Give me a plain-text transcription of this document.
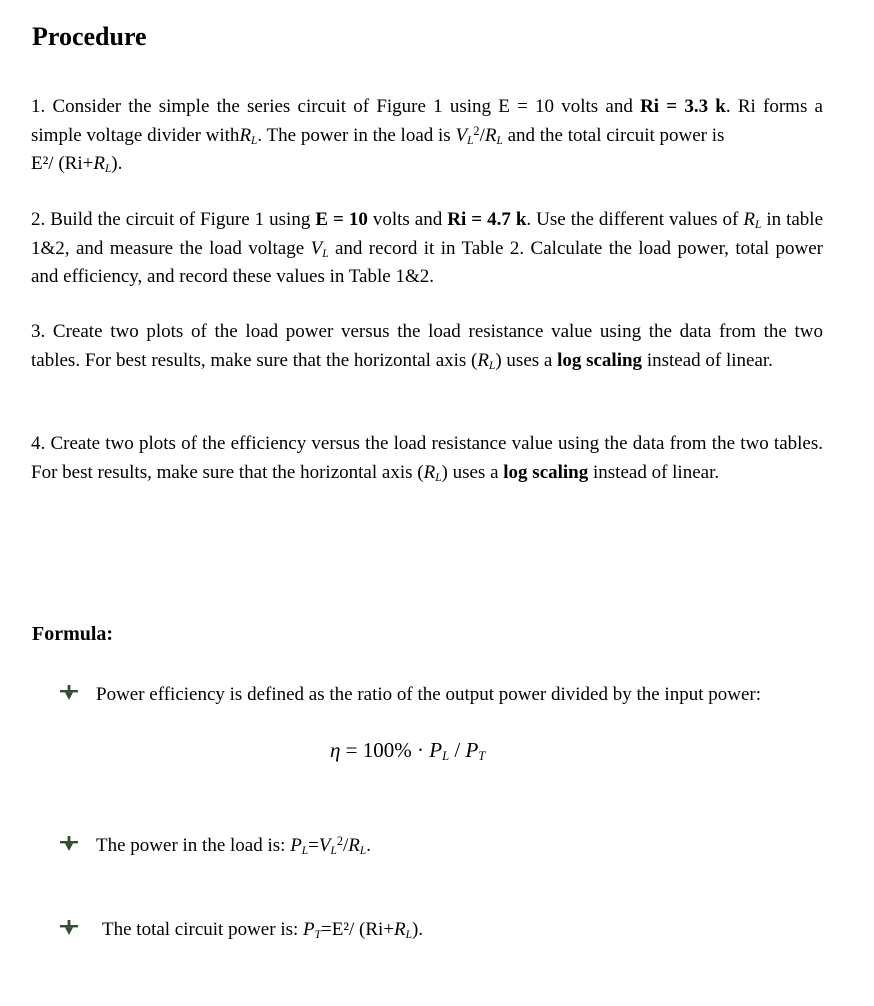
Procedure
1. Consider the simple the series circuit of Figure 1 using E = 10 volts and Ri = 3.3 k. Ri forms a simple voltage divider withR$_L$. The power in the load is $V_L^2/R_L$ and the total circuit power is
E²/ $(Ri+R_L)$.
2. Build the circuit of Figure 1 using E = 10 volts and Ri = 4.7 k. Use the different values of $R_L$ in table 1&2, and measure the load voltage $V_L$ and record it in Table 2. Calculate the load power, total power and efficiency, and record these values in Table 1&2.
3. Create two plots of the load power versus the load resistance value using the data from the two tables. For best results, make sure that the horizontal axis $(R_L)$ uses a log scaling instead of linear.
4. Create two plots of the efficiency versus the load resistance value using the data from the two tables. For best results, make sure that the horizontal axis $(R_L)$ uses a log scaling instead of linear.
Formula:
Power efficiency is defined as the ratio of the output power divided by the input power:
$\eta = 100\% \cdot P_L / P_T$
The power in the load is: $P_L=V_L^2/R_L$.
The total circuit power is: $P_T=E^2/$ $(Ri+R_L)$.
